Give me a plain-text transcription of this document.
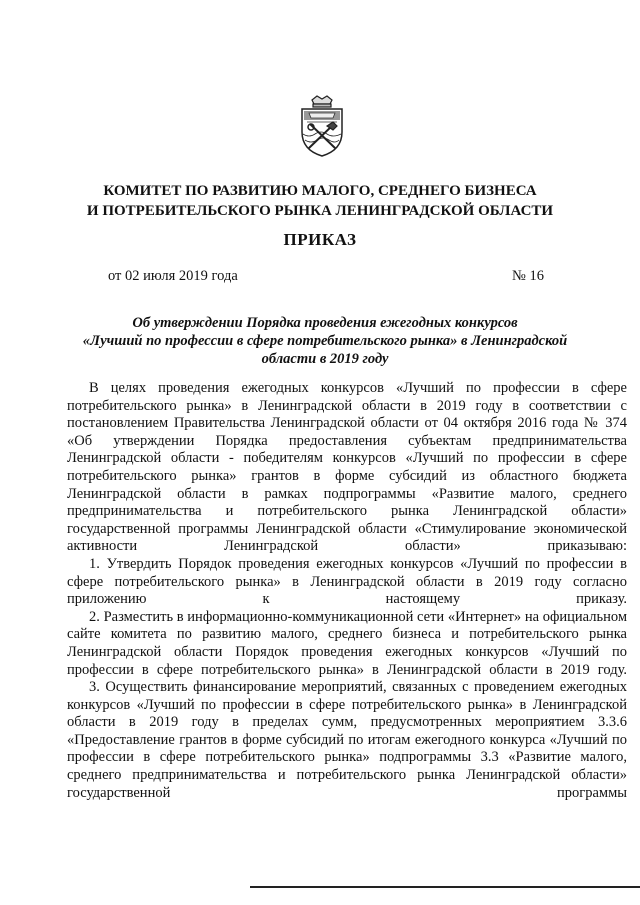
КОМИТЕТ ПО РАЗВИТИЮ МАЛОГО, СРЕДНЕГО БИЗНЕСА
И ПОТРЕБИТЕЛЬСКОГО РЫНКА ЛЕНИНГРАДСКОЙ ОБЛАСТИ
ПРИКАЗ
от 02 июля 2019 года	№ 16
Об утверждении Порядка проведения ежегодных конкурсов
«Лучший по профессии в сфере потребительского рынка» в Ленинградской
области в 2019 году

В целях проведения ежегодных конкурсов «Лучший по профессии в сфере потребительского рынка» в Ленинградской области в 2019 году в соответствии с постановлением Правительства Ленинградской области от 04 октября 2016 года № 374 «Об утверждении Порядка предоставления субъектам предпринимательства Ленинградской области - победителям конкурсов «Лучший по профессии в сфере потребительского рынка» грантов в форме субсидий из областного бюджета Ленинградской области в рамках подпрограммы «Развитие малого, среднего предпринимательства и потребительского рынка Ленинградской области» государственной программы Ленинградской области «Стимулирование экономической активности Ленинградской области» приказываю:

1. Утвердить Порядок проведения ежегодных конкурсов «Лучший по профессии в сфере потребительского рынка» в Ленинградской области в 2019 году согласно приложению к настоящему приказу.

2. Разместить в информационно-коммуникационной сети «Интернет» на официальном сайте комитета по развитию малого, среднего бизнеса и потребительского рынка Ленинградской области Порядок проведения ежегодных конкурсов «Лучший по профессии в сфере потребительского рынка» в Ленинградской области в 2019 году.

3. Осуществить финансирование мероприятий, связанных с проведением ежегодных конкурсов «Лучший по профессии в сфере потребительского рынка» в Ленинградской области в 2019 году в пределах сумм, предусмотренных мероприятием 3.3.6 «Предоставление грантов в форме субсидий по итогам ежегодного конкурса «Лучший по профессии в сфере потребительского рынка» подпрограммы 3.3 «Развитие малого, среднего предпринимательства и потребительского рынка Ленинградской области» государственной программы
